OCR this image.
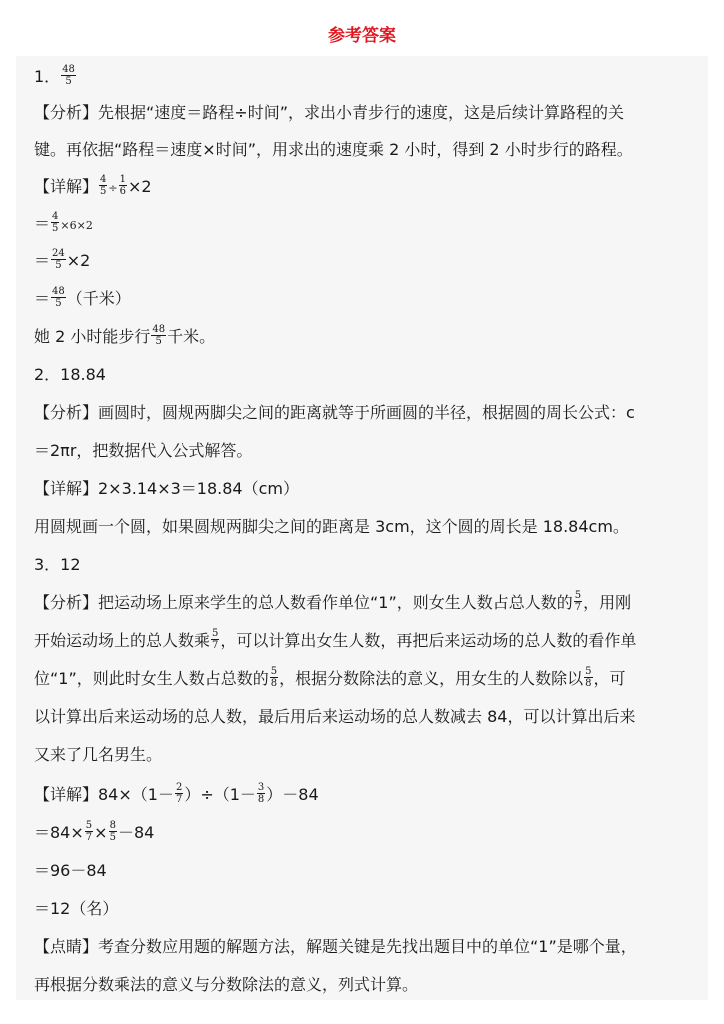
参考答案
1． $\frac{48}{5}$
【分析】先根据“速度＝路程÷时间”，求出小青步行的速度，这是后续计算路程的关
键。再依据“路程＝速度×时间”，用求出的速度乘 2 小时，得到 2 小时步行的路程。
【详解】 $\frac{4}{5} \div \frac{1}{6} \times 2$
＝ $\frac{4}{5} \times 6\times 2$
＝ $\frac{24}{5} \times 2$
＝ $\frac{48}{5}$ （千米）
她 2 小时能步行 $\frac{48}{5}$ 千米。
2．18.84
【分析】画圆时，圆规两脚尖之间的距离就等于所画圆的半径，根据圆的周长公式：c
＝2πr，把数据代入公式解答。
【详解】2×3.14×3＝18.84（cm）
用圆规画一个圆，如果圆规两脚尖之间的距离是 3cm，这个圆的周长是 18.84cm。
3．12
【分析】把运动场上原来学生的总人数看作单位“1”，则女生人数占总人数的 $\frac{5}{7}$ ，用刚
开始运动场上的总人数乘 $\frac{5}{7}$ ，可以计算出女生人数，再把后来运动场的总人数的看作单
位“1”，则此时女生人数占总数的 $\frac{5}{8}$ ，根据分数除法的意义，用女生的人数除以 $\frac{5}{8}$ ，可
以计算出后来运动场的总人数，最后用后来运动场的总人数减去 84，可以计算出后来
又来了几名男生。
【详解】$84\times(1- \frac{2}{7} )\div(1- \frac{3}{8} )-84$
$=84\times \frac{5}{7} \times \frac{8}{5} -84$
＝96－84
＝12（名）
【点睛】考查分数应用题的解题方法，解题关键是先找出题目中的单位“1”是哪个量，
再根据分数乘法的意义与分数除法的意义，列式计算。
